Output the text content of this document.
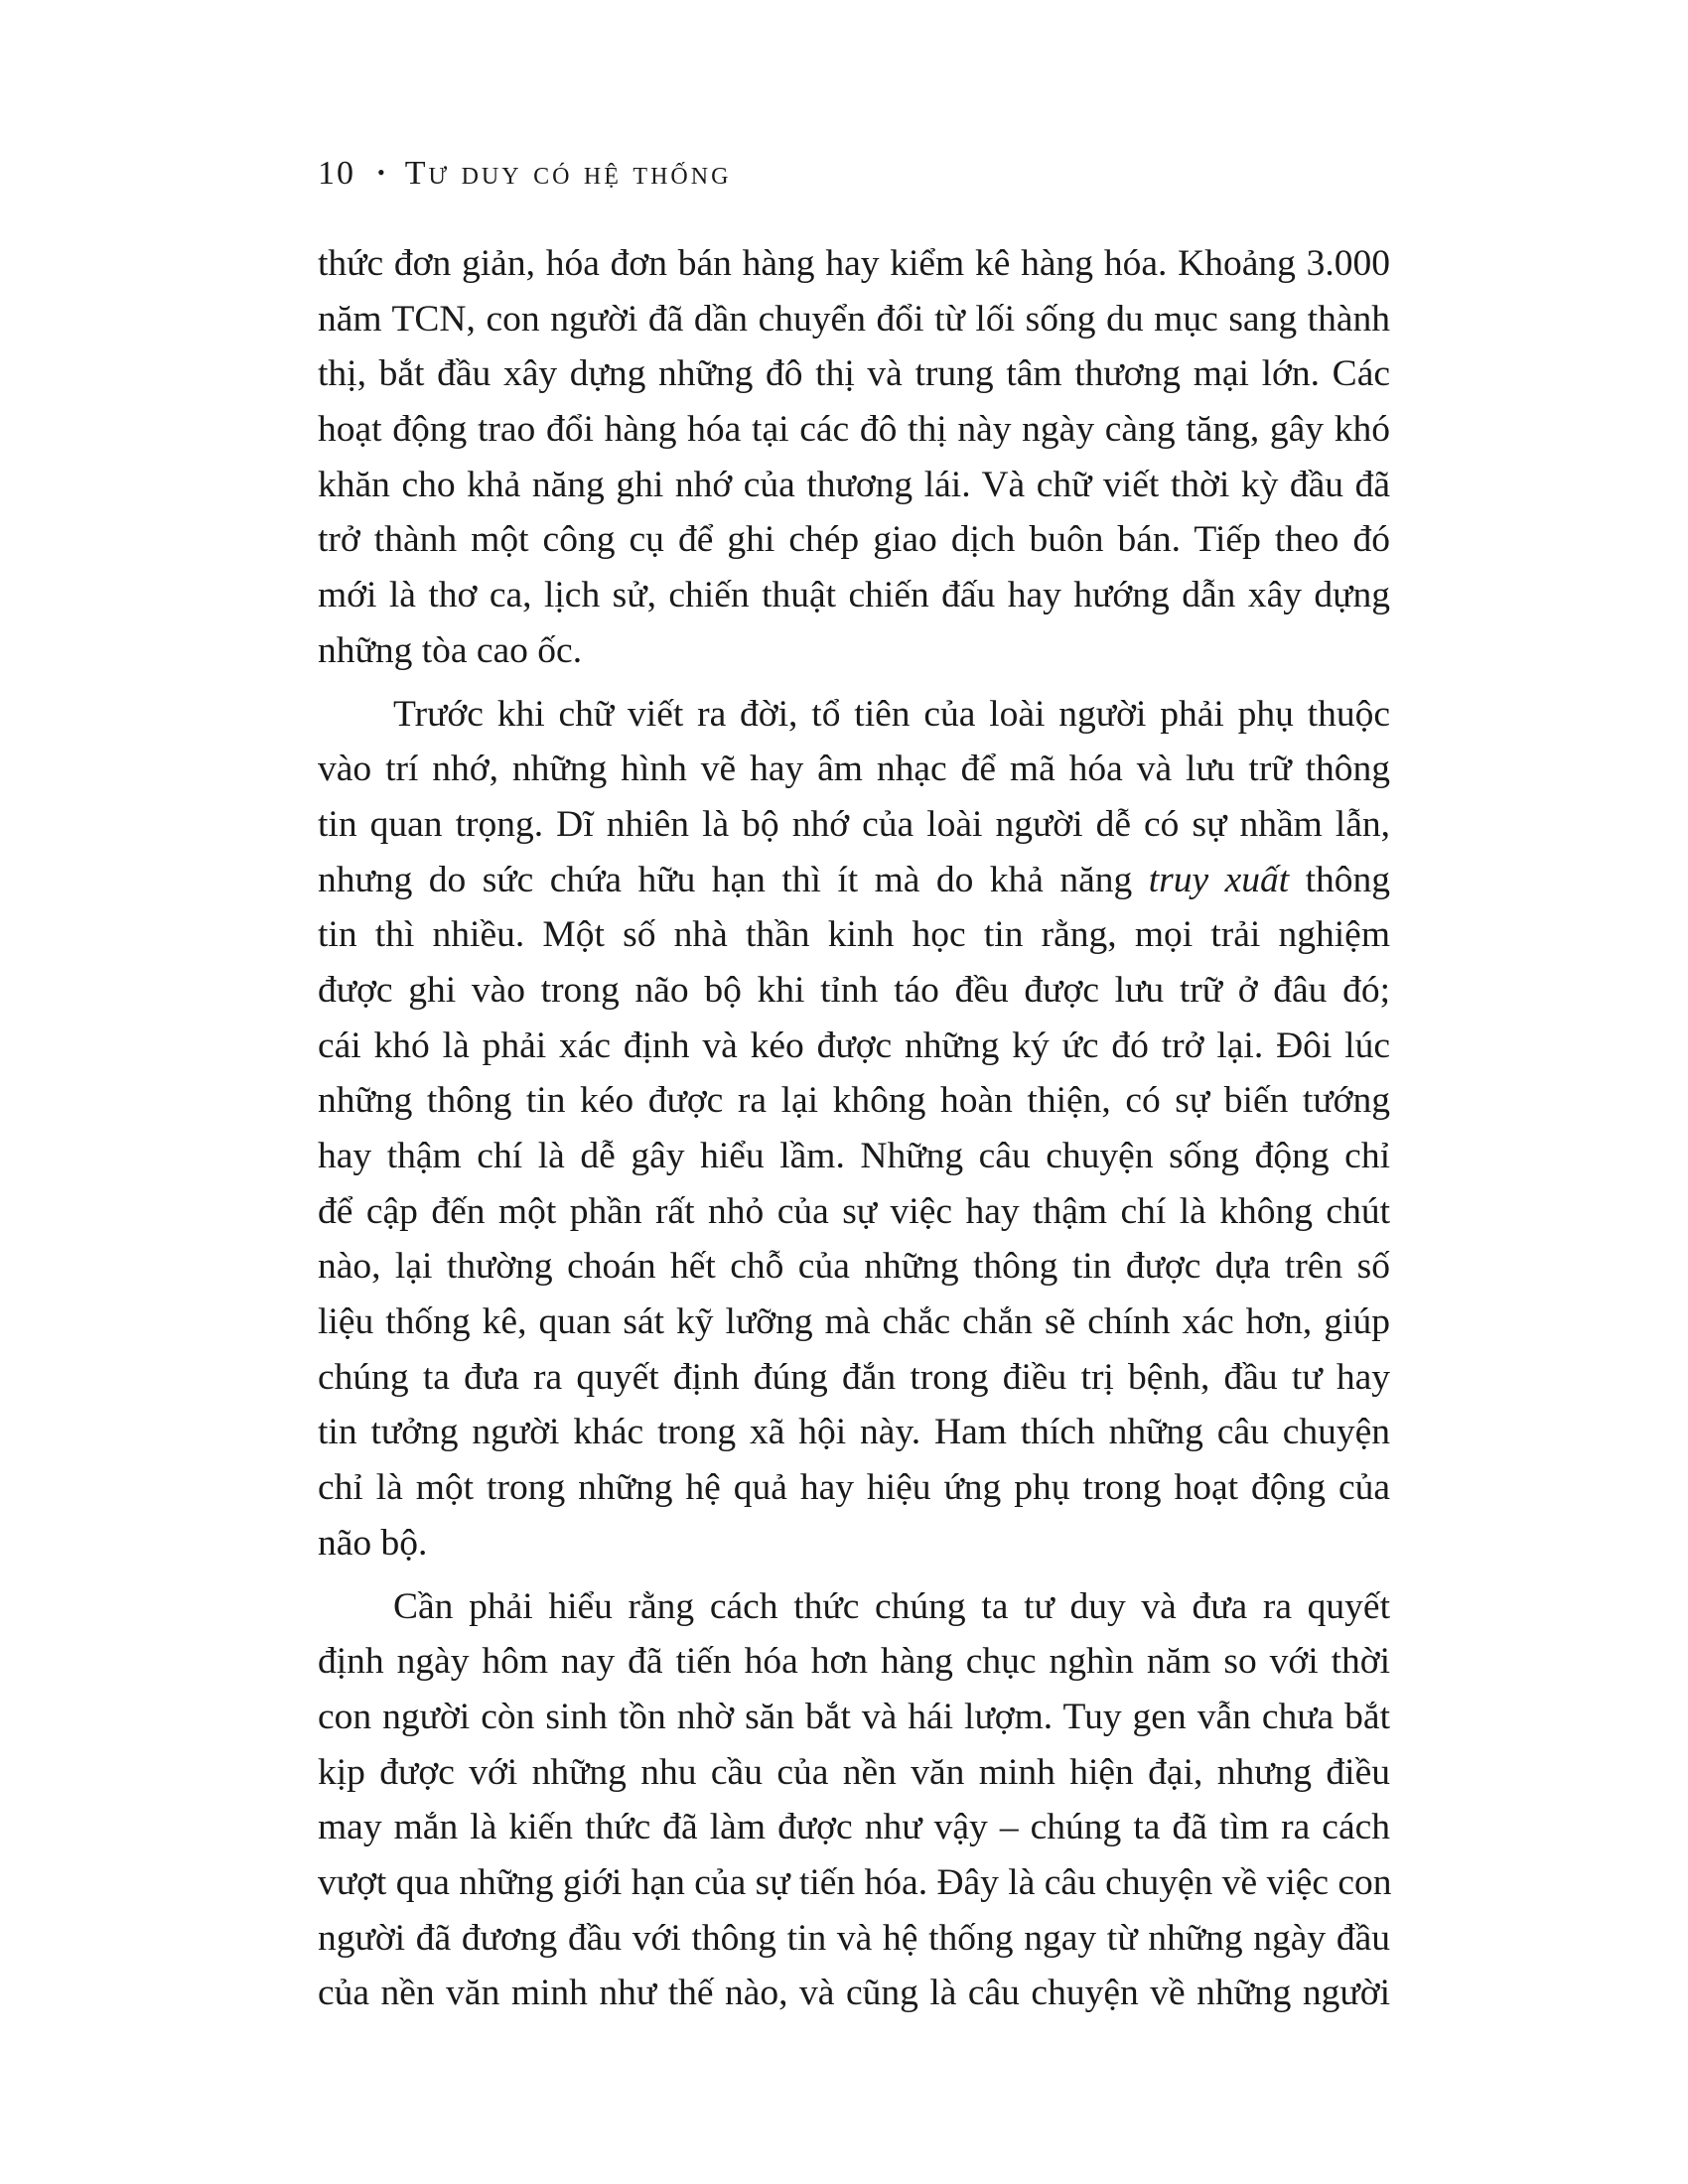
10 • Tư duy có hệ thống
thức đơn giản, hóa đơn bán hàng hay kiểm kê hàng hóa. Khoảng 3.000
năm TCN, con người đã dần chuyển đổi từ lối sống du mục sang thành
thị, bắt đầu xây dựng những đô thị và trung tâm thương mại lớn. Các
hoạt động trao đổi hàng hóa tại các đô thị này ngày càng tăng, gây khó
khăn cho khả năng ghi nhớ của thương lái. Và chữ viết thời kỳ đầu đã
trở thành một công cụ để ghi chép giao dịch buôn bán. Tiếp theo đó
mới là thơ ca, lịch sử, chiến thuật chiến đấu hay hướng dẫn xây dựng
những tòa cao ốc.
Trước khi chữ viết ra đời, tổ tiên của loài người phải phụ thuộc
vào trí nhớ, những hình vẽ hay âm nhạc để mã hóa và lưu trữ thông
tin quan trọng. Dĩ nhiên là bộ nhớ của loài người dễ có sự nhầm lẫn,
nhưng do sức chứa hữu hạn thì ít mà do khả năng truy xuất thông
tin thì nhiều. Một số nhà thần kinh học tin rằng, mọi trải nghiệm
được ghi vào trong não bộ khi tỉnh táo đều được lưu trữ ở đâu đó;
cái khó là phải xác định và kéo được những ký ức đó trở lại. Đôi lúc
những thông tin kéo được ra lại không hoàn thiện, có sự biến tướng
hay thậm chí là dễ gây hiểu lầm. Những câu chuyện sống động chỉ
để cập đến một phần rất nhỏ của sự việc hay thậm chí là không chút
nào, lại thường choán hết chỗ của những thông tin được dựa trên số
liệu thống kê, quan sát kỹ lưỡng mà chắc chắn sẽ chính xác hơn, giúp
chúng ta đưa ra quyết định đúng đắn trong điều trị bệnh, đầu tư hay
tin tưởng người khác trong xã hội này. Ham thích những câu chuyện
chỉ là một trong những hệ quả hay hiệu ứng phụ trong hoạt động của
não bộ.
Cần phải hiểu rằng cách thức chúng ta tư duy và đưa ra quyết
định ngày hôm nay đã tiến hóa hơn hàng chục nghìn năm so với thời
con người còn sinh tồn nhờ săn bắt và hái lượm. Tuy gen vẫn chưa bắt
kịp được với những nhu cầu của nền văn minh hiện đại, nhưng điều
may mắn là kiến thức đã làm được như vậy – chúng ta đã tìm ra cách
vượt qua những giới hạn của sự tiến hóa. Đây là câu chuyện về việc con
người đã đương đầu với thông tin và hệ thống ngay từ những ngày đầu
của nền văn minh như thế nào, và cũng là câu chuyện về những người
